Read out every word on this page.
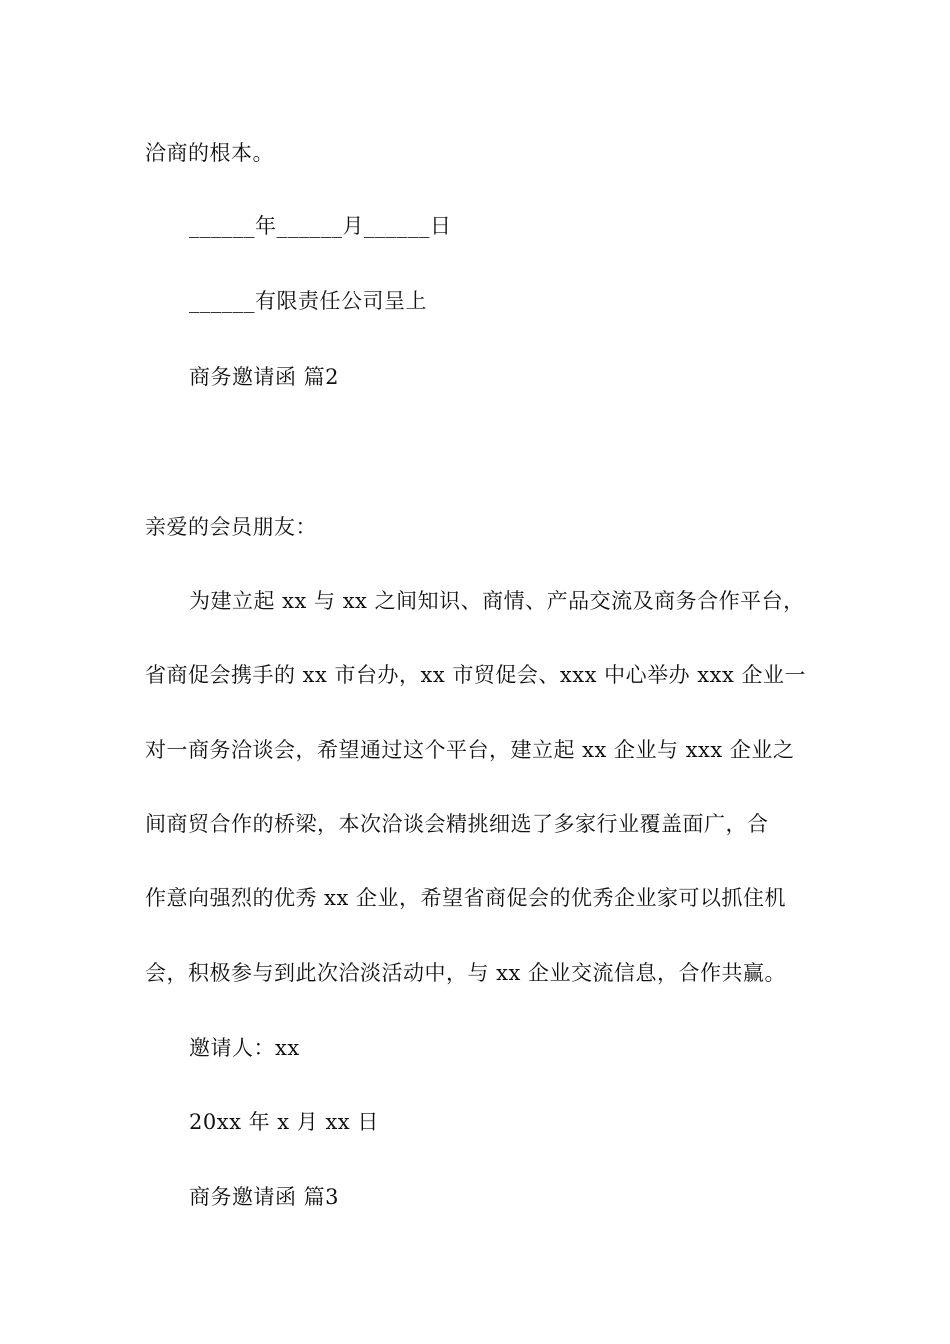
洽商的根本。
______年______月______日
______有限责任公司呈上
商务邀请函 篇2
亲爱的会员朋友：
为建立起 xx 与 xx 之间知识、商情、产品交流及商务合作平台，
省商促会携手的 xx 市台办，xx 市贸促会、xxx 中心举办 xxx 企业一
对一商务洽谈会，希望通过这个平台，建立起 xx 企业与 xxx 企业之
间商贸合作的桥梁，本次洽谈会精挑细选了多家行业覆盖面广，合
作意向强烈的优秀 xx 企业，希望省商促会的优秀企业家可以抓住机
会，积极参与到此次洽淡活动中，与 xx 企业交流信息，合作共赢。
邀请人：xx
20xx 年 x 月 xx 日
商务邀请函 篇3
